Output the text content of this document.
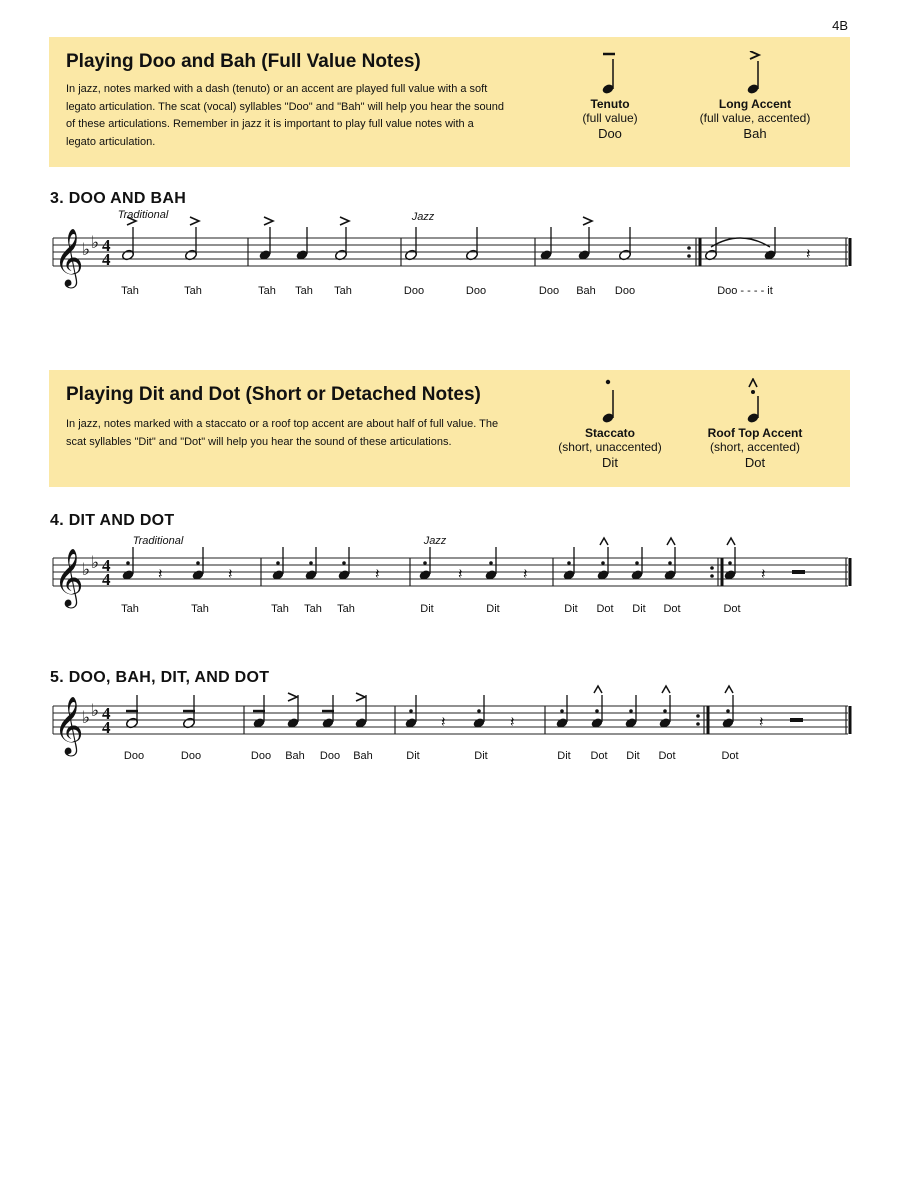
4B
Playing Doo and Bah (Full Value Notes)
In jazz, notes marked with a dash (tenuto) or an accent are played full value with a soft legato articulation. The scat (vocal) syllables "Doo" and "Bah" will help you hear the sound of these articulations. Remember in jazz it is important to play full value notes with a legato articulation.
Tenuto
(full value)
Doo
Long Accent
(full value, accented)
Bah
3. DOO AND BAH
Traditional	Jazz
𝄞
♭ ♭ 4
4	𝄽
Tah	Tah	Tah Tah Tah	Doo	Doo	Doo Bah Doo	Doo - - - - it
Playing Dit and Dot (Short or Detached Notes)
In jazz, notes marked with a staccato or a roof top accent are about half of full value. The scat syllables "Dit" and "Dot" will help you hear the sound of these articulations.
Staccato
(short, unaccented)
Dit
Roof Top Accent
(short, accented)
Dot
4. DIT AND DOT
Traditional	Jazz
𝄞
♭ ♭ 4
4	𝄽	𝄽	𝄽	𝄽	𝄽	𝄽
Tah	Tah	Tah Tah Tah	Dit	Dit	Dit Dot Dit Dot	Dot
5. DOO, BAH, DIT, AND DOT
𝄞
♭ ♭ 4
4	𝄽	𝄽	𝄽
Doo	Doo	Doo Bah Doo Bah	Dit	Dit	Dit Dot Dit Dot	Dot
